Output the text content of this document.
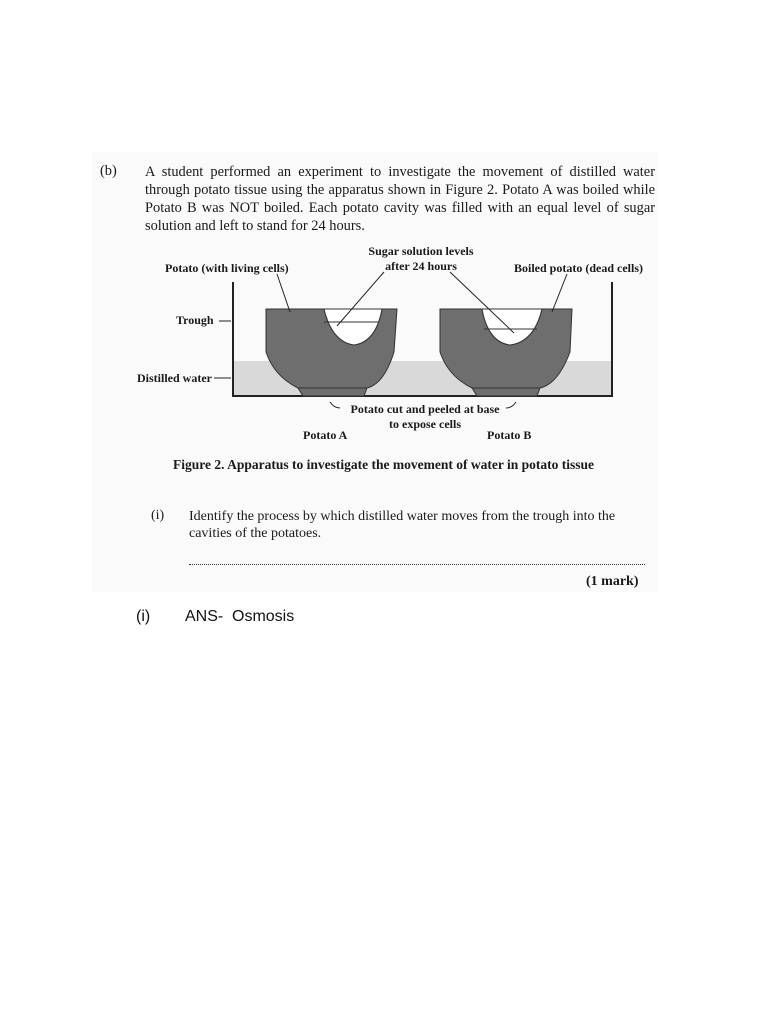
(b) A student performed an experiment to investigate the movement of distilled water through potato tissue using the apparatus shown in Figure 2. Potato A was boiled while Potato B was NOT boiled. Each potato cavity was filled with an equal level of sugar solution and left to stand for 24 hours.
Potato (with living cells)
Sugar solution levels after 24 hours	Boiled potato (dead cells)
Trough
Distilled water
Potato cut and peeled at base to expose cells
Potato A	Potato B
Figure 2. Apparatus to investigate the movement of water in potato tissue
(i) Identify the process by which distilled water moves from the trough into the cavities of the potatoes.
(1 mark)
(i) ANS- Osmosis
